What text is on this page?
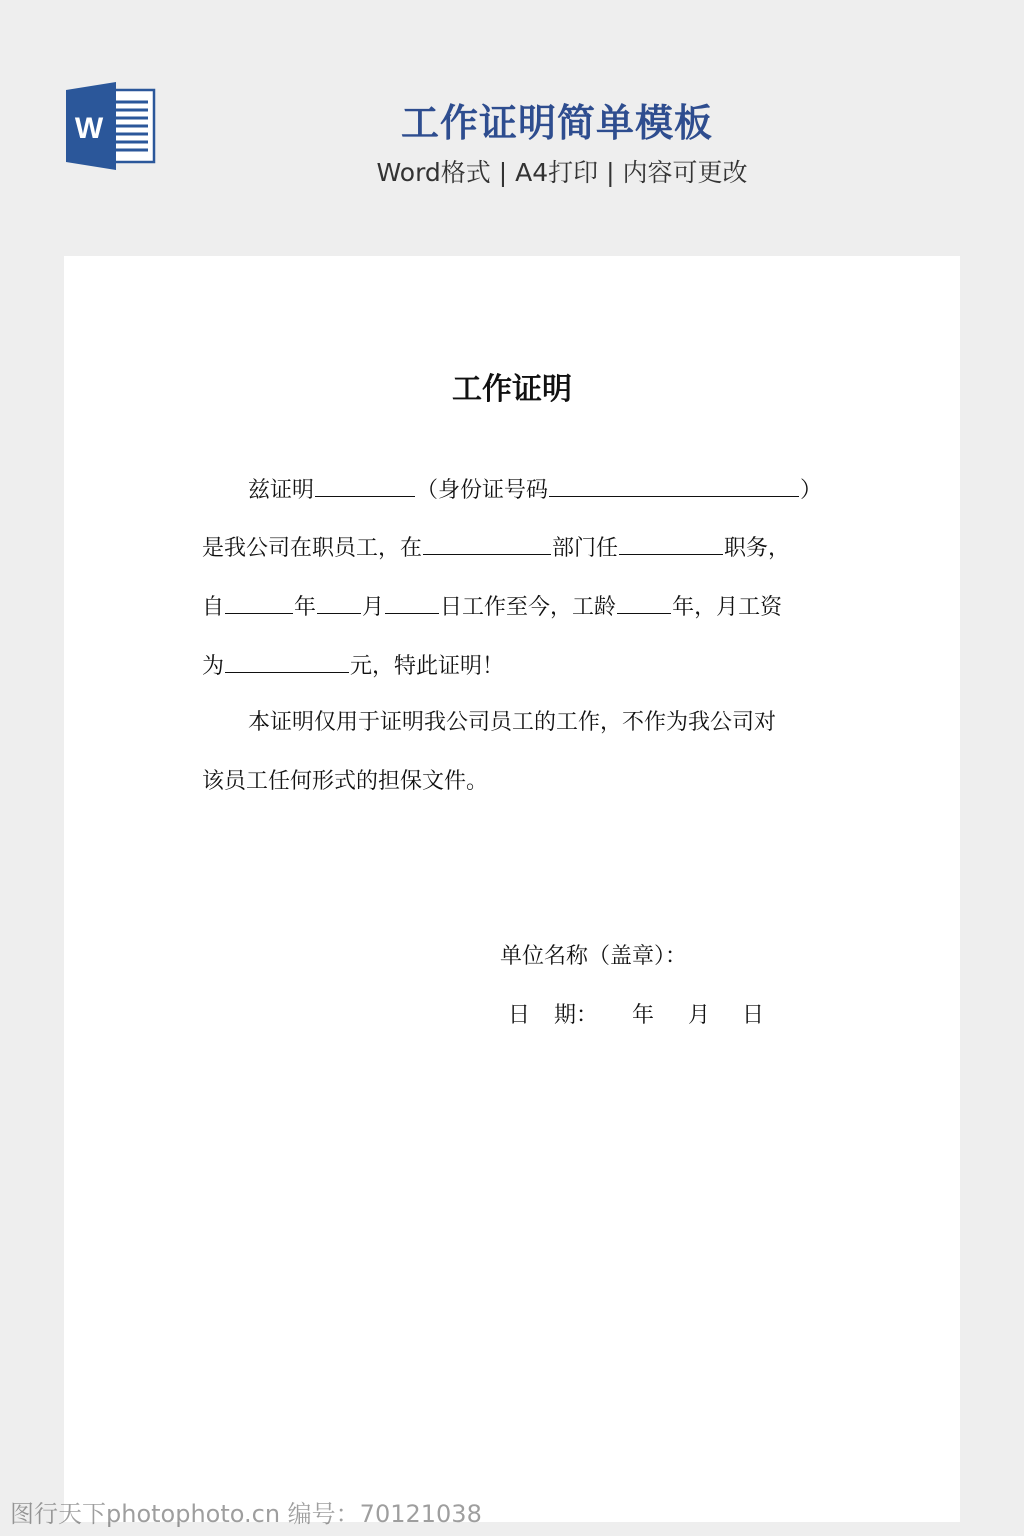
W	工作证明简单模板
Word格式 | A4打印 | 内容可更改
工作证明
兹证明	（身份证号码	）
是我公司在职员工，在	部门任	职务，
自	年 月	日工作至今，工龄	年，月工资
为	元，特此证明！
本证明仅用于证明我公司员工的工作，不作为我公司对
该员工任何形式的担保文件。
单位名称（盖章）：
日 期： 年 月 日
图行天下photophoto.cn 编号：70121038
